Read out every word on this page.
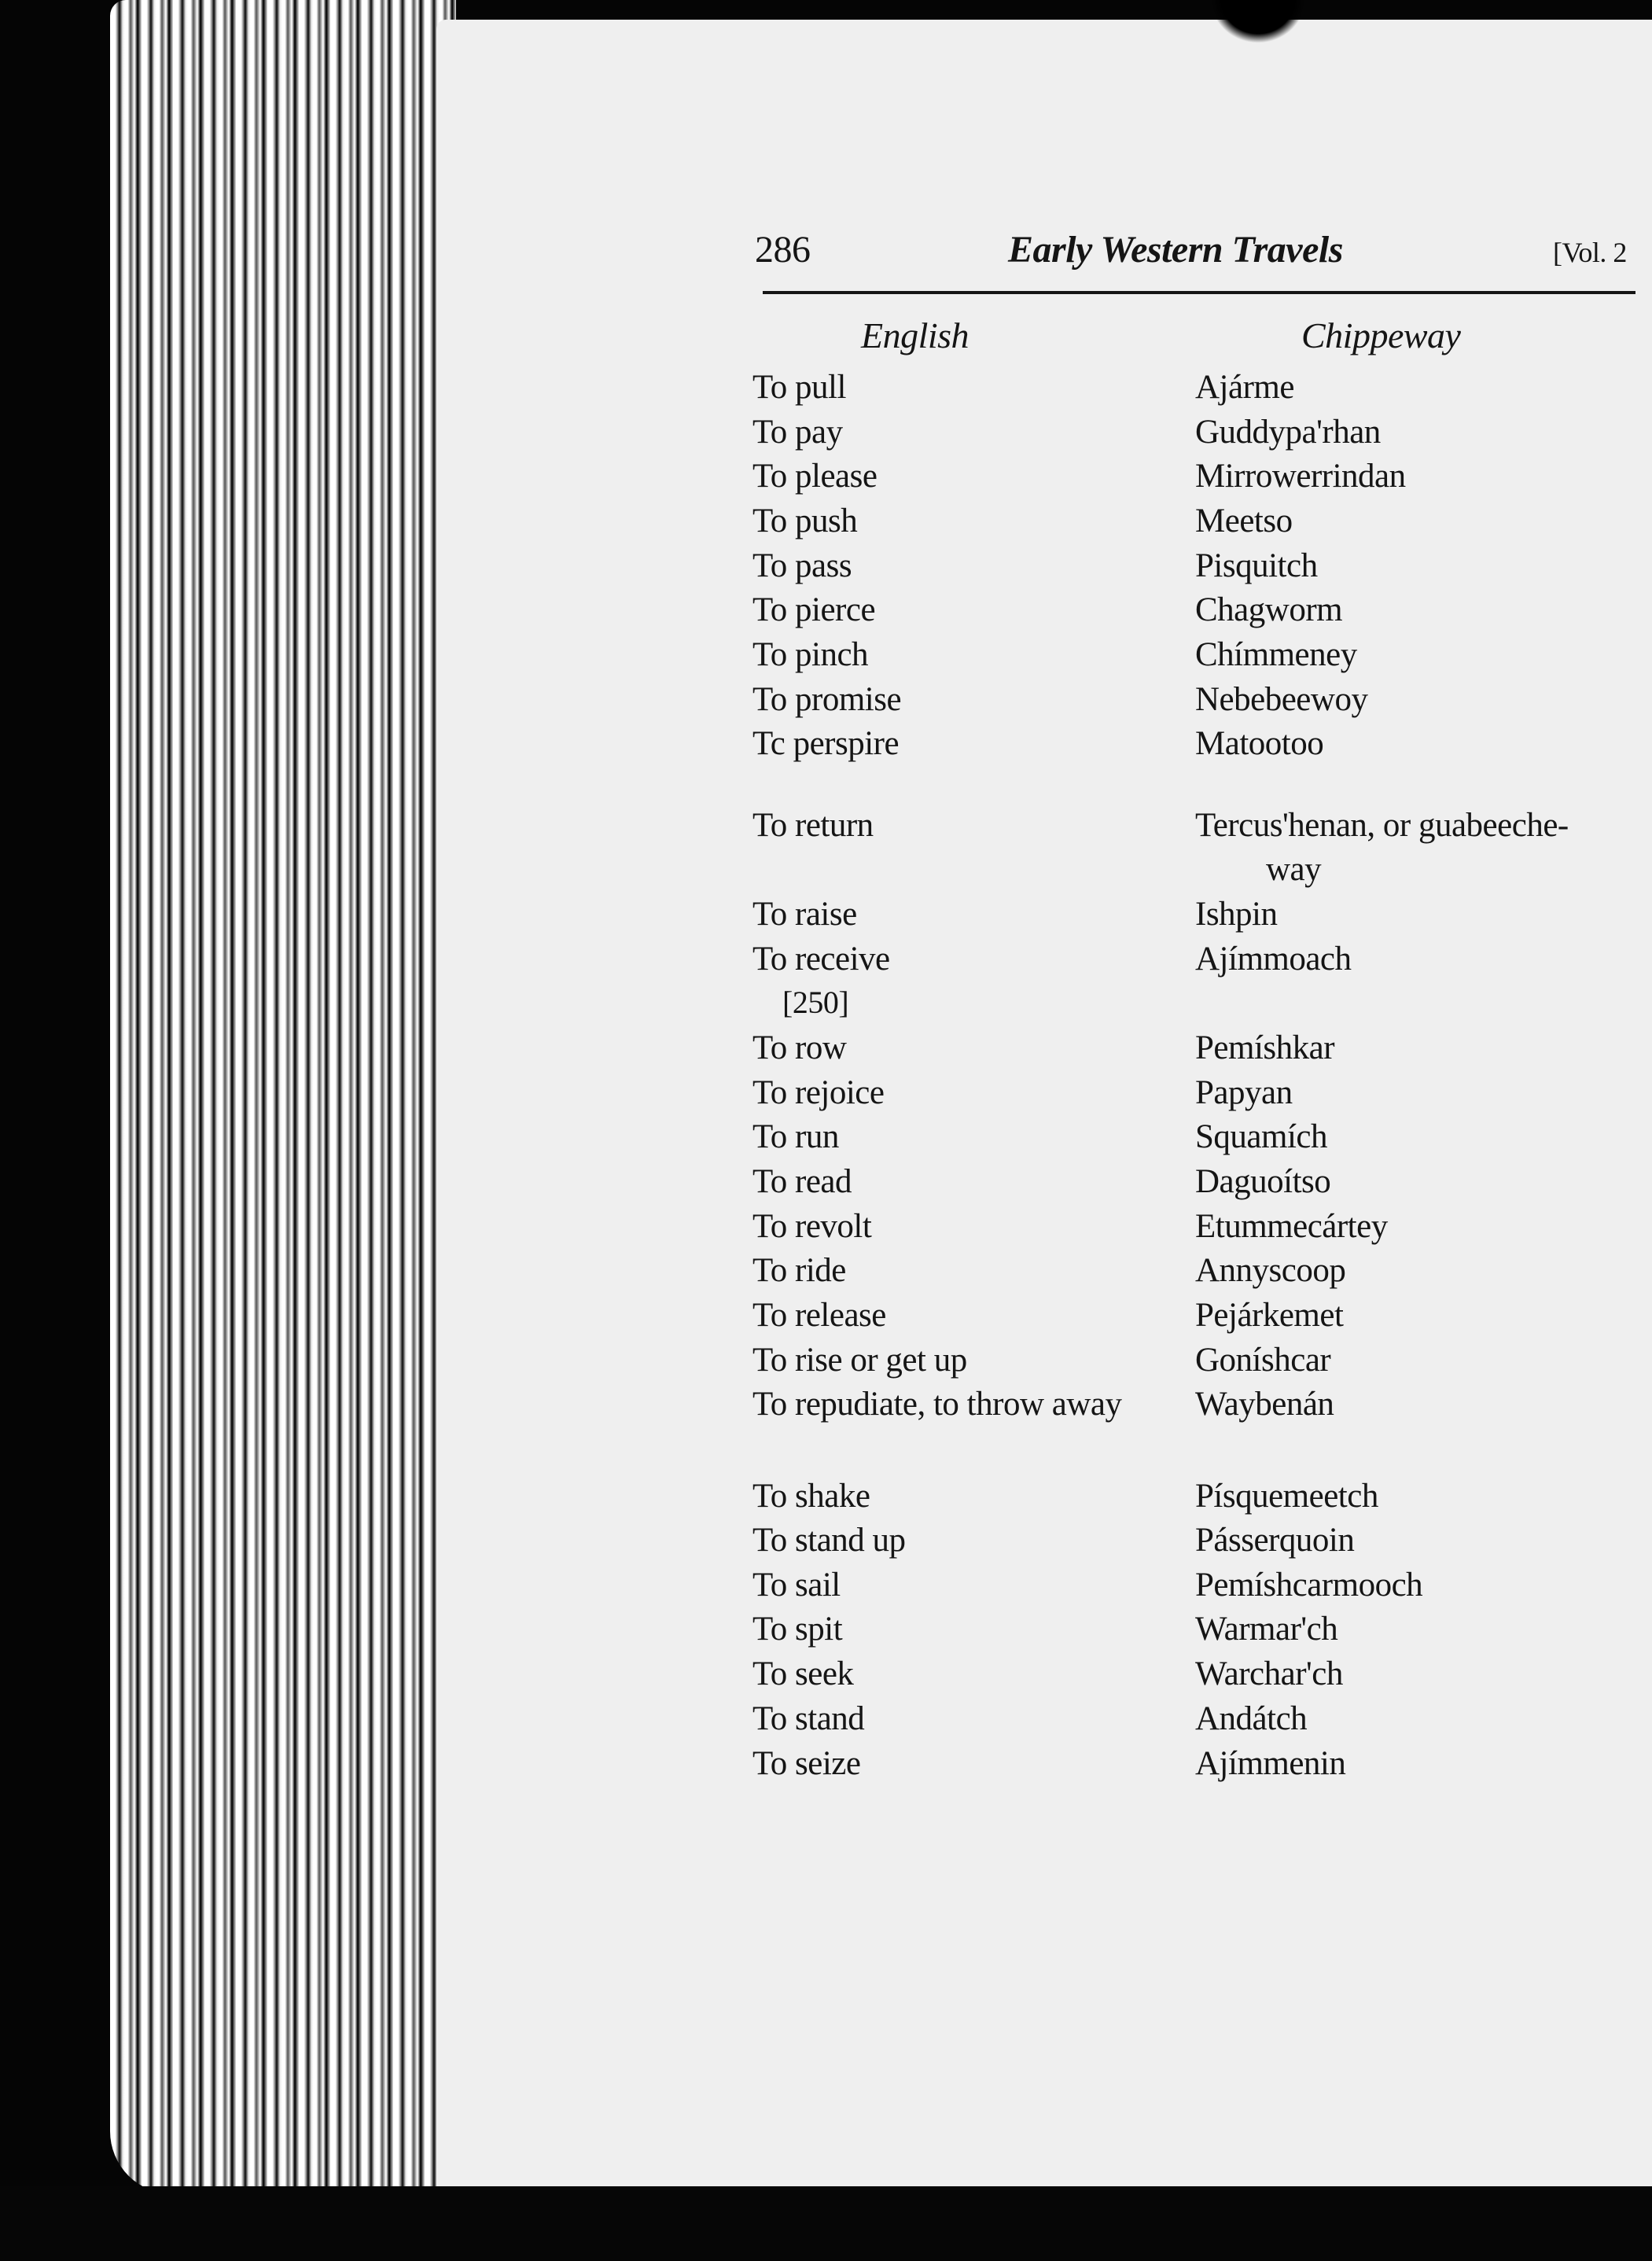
286	Early Western Travels	[Vol. 2
English	Chippeway
To pull	Ajárme
To pay	Guddypa'rhan
To please	Mirrowerrindan
To push	Meetso
To pass	Pisquitch
To pierce	Chagworm
To pinch	Chímmeney
To promise	Nebebeewoy
Tc perspire	Matootoo
To return	Tercus'henan, or guabeeche-
way
To raise	Ishpin
To receive	Ajímmoach
[250]
To row	Pemíshkar
To rejoice	Papyan
To run	Squamích
To read	Daguoítso
To revolt	Etummecártey
To ride	Annyscoop
To release	Pejárkemet
To rise or get up	Goníshcar
To repudiate, to throw away Waybenán
To shake	Písquemeetch
To stand up	Pásserquoin
To sail	Pemíshcarmooch
To spit	Warmar'ch
To seek	Warchar'ch
To stand	Andátch
To seize	Ajímmenin
